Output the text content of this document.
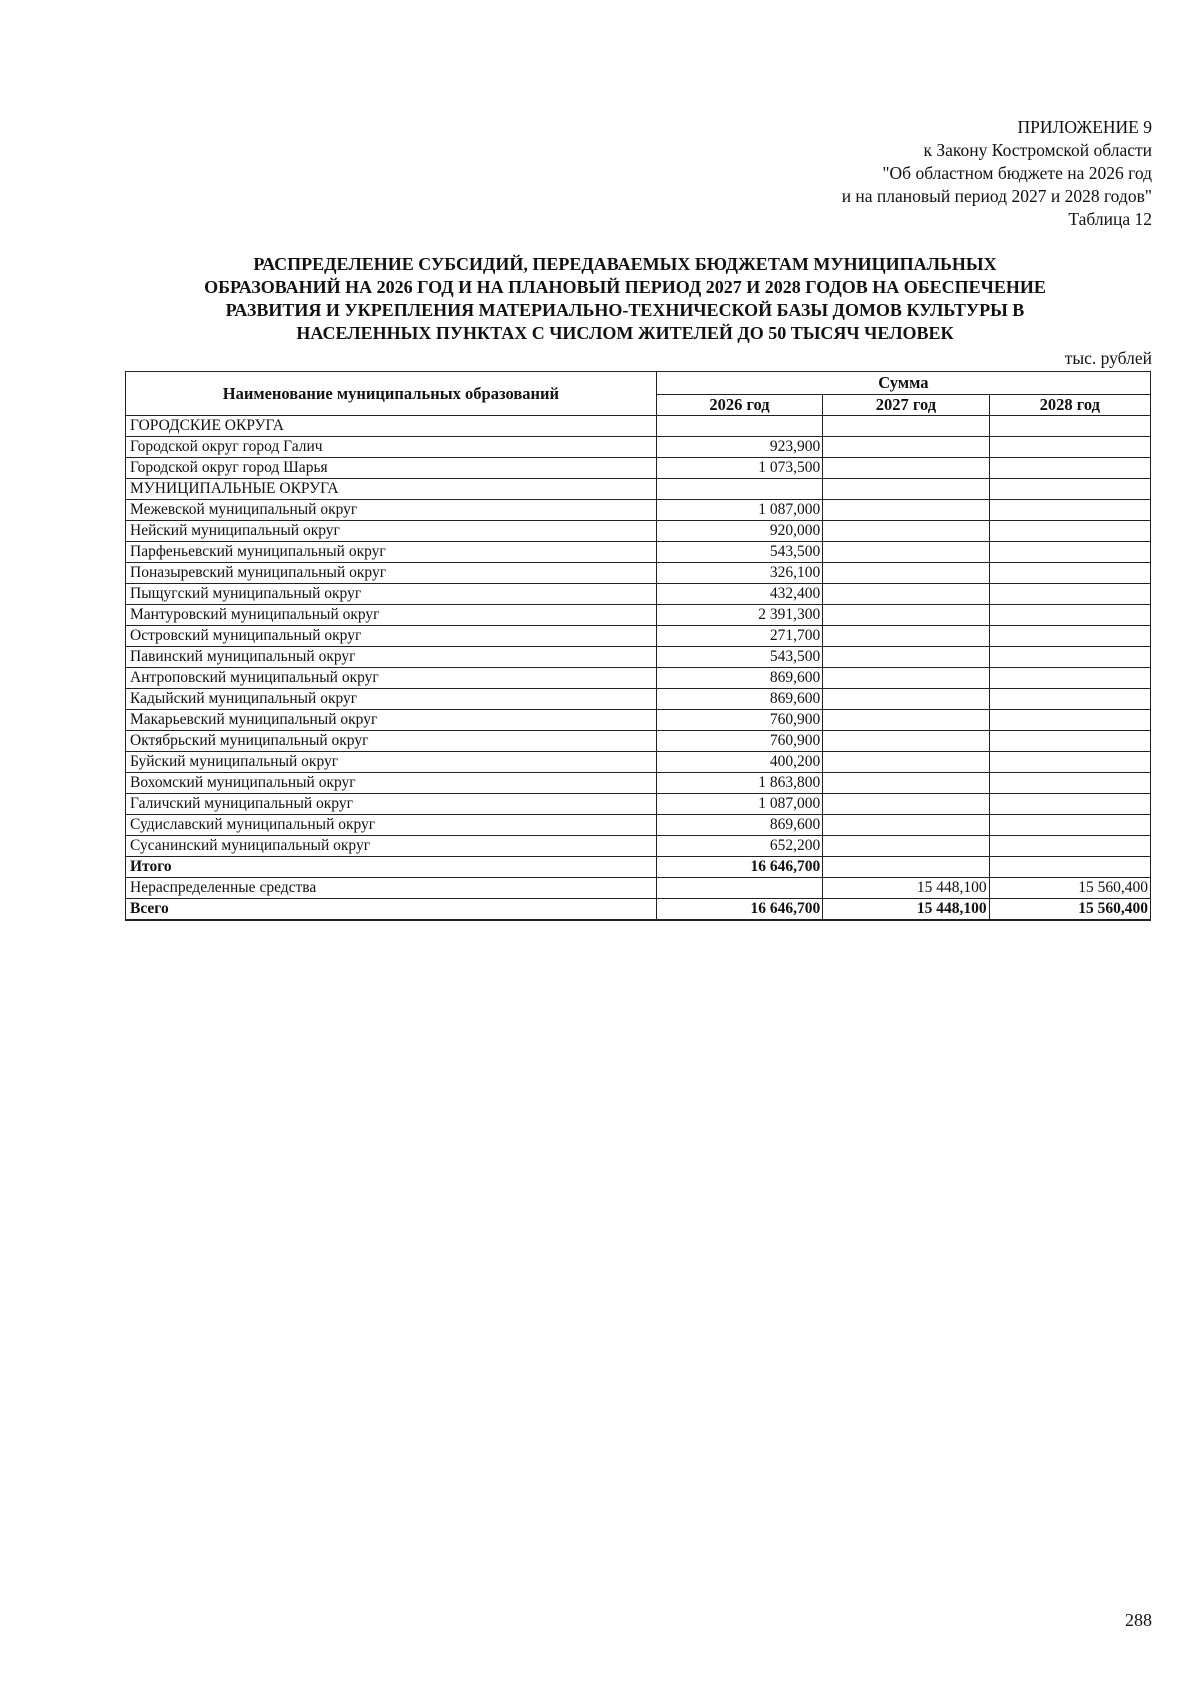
ПРИЛОЖЕНИЕ 9
к Закону Костромской области
"Об областном бюджете на 2026 год
и на плановый период 2027 и 2028 годов"
Таблица 12
РАСПРЕДЕЛЕНИЕ СУБСИДИЙ, ПЕРЕДАВАЕМЫХ БЮДЖЕТАМ МУНИЦИПАЛЬНЫХ
ОБРАЗОВАНИЙ НА 2026 ГОД И НА ПЛАНОВЫЙ ПЕРИОД 2027 И 2028 ГОДОВ НА ОБЕСПЕЧЕНИЕ
РАЗВИТИЯ И УКРЕПЛЕНИЯ МАТЕРИАЛЬНО-ТЕХНИЧЕСКОЙ БАЗЫ ДОМОВ КУЛЬТУРЫ В
НАСЕЛЕННЫХ ПУНКТАХ С ЧИСЛОМ ЖИТЕЛЕЙ ДО 50 ТЫСЯЧ ЧЕЛОВЕК
тыс. рублей
Наименование муниципальных образований	Сумма		
	2026 год	2027 год	2028 год
ГОРОДСКИЕ ОКРУГА			
Городской округ город Галич	923,900		
Городской округ город Шарья	1 073,500		
МУНИЦИПАЛЬНЫЕ ОКРУГА			
Межевской муниципальный округ	1 087,000		
Нейский муниципальный округ	920,000		
Парфеньевский муниципальный округ	543,500		
Поназыревский муниципальный округ	326,100		
Пыщугский муниципальный округ	432,400		
Мантуровский муниципальный округ	2 391,300		
Островский муниципальный округ	271,700		
Павинский муниципальный округ	543,500		
Антроповский муниципальный округ	869,600		
Кадыйский муниципальный округ	869,600		
Макарьевский муниципальный округ	760,900		
Октябрьский муниципальный округ	760,900		
Буйский муниципальный округ	400,200		
Вохомский муниципальный округ	1 863,800		
Галичский муниципальный округ	1 087,000		
Судиславский муниципальный округ	869,600		
Сусанинский муниципальный округ	652,200		
Итого	16 646,700		
Нераспределенные средства		15 448,100	15 560,400
Всего	16 646,700	15 448,100	15 560,400
288
